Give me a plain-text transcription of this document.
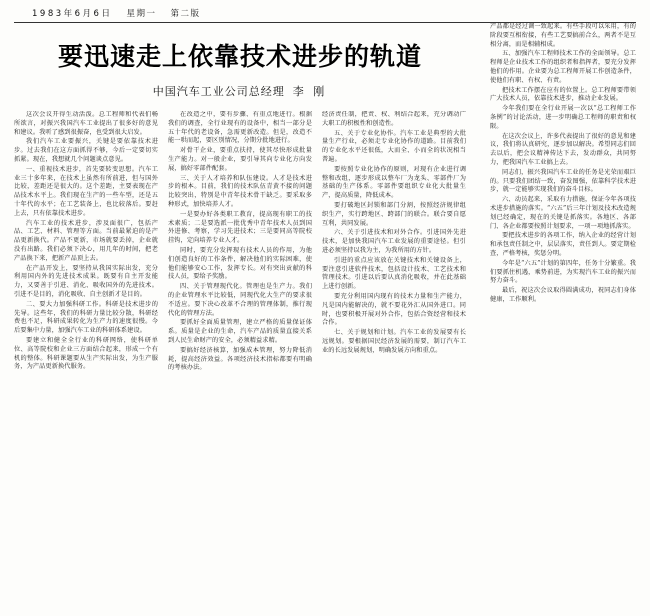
1983年6月6日 星期一 第二版
要迅速走上依靠技术进步的轨道
中国汽车工业公司总经理 李 刚

这次会议开得生动活泼。总工程师和代表们畅所欲言，对振兴我国汽车工业提出了很多好的意见和建议。我听了感到很振奋，也受到很大启发。

我们汽车工业要振兴，关键是要依靠技术进步。过去我们在这方面抓得不够，今后一定要切实抓紧。现在，我想就几个问题谈点意见。

一、重视技术进步，首先要转变思想。汽车工业三十多年来，在技术上虽然有所前进，但与国外比较，差距还是很大的。这个差距，主要表现在产品技术水平上。我们现在生产的一些车型，还是五十年代的水平；在工艺装备上，也比较落后。要赶上去，只有依靠技术进步。

汽车工业的技术进步，涉及面很广，包括产品、工艺、材料、管理等方面。当前最紧迫的是产品更新换代。产品不更新，市场就要丢掉，企业就没有出路。我们必须下决心，用几年的时间，把老产品换下来，把新产品顶上去。

在产品开发上，要坚持从我国实际出发，充分利用国内外的先进技术成果。既要有自主开发能力，又要善于引进、消化、吸收国外的先进技术。引进不是目的，消化吸收、自主创新才是目的。

二、要大力加强科研工作。科研是技术进步的先导。这些年，我们的科研力量比较分散，科研经费也不足，科研成果转化为生产力的速度很慢。今后要集中力量，加强汽车工业的科研体系建设。

要建立和健全全行业的科研网络，使科研单位、高等院校和企业三方面结合起来，形成一个有机的整体。科研课题要从生产实际出发，为生产服务，为产品更新换代服务。

在改造之中，要有步骤、有重点地进行。根据我们的调查，全行业现有的设备中，相当一部分是五十年代的老设备，急需更新改造。但是，改造不能一哄而起，要区别情况，分期分批地进行。

对骨干企业，要重点扶持，使其尽快形成批量生产能力。对一般企业，要引导其向专业化方向发展，搞好零部件配套。

三、关于人才培养和队伍建设。人才是技术进步的根本。目前，我们的技术队伍青黄不接的问题比较突出，特别是中青年技术骨干缺乏。要采取多种形式，加快培养人才。

一是要办好各类职工教育，提高现有职工的技术素质；二是要选派一批优秀中青年技术人员到国外进修、考察，学习先进技术；三是要同高等院校挂钩，定向培养专业人才。

同时，要充分发挥现有技术人员的作用，为他们创造良好的工作条件，解决他们的实际困难，使他们能够安心工作，发挥专长。对有突出贡献的科技人员，要给予奖励。

四、关于管理现代化。管理也是生产力。我们的企业管理水平比较低，同现代化大生产的要求很不适应。要下决心改革不合理的管理体制，推行现代化的管理方法。

要抓好全面质量管理，建立严格的质量保证体系。质量是企业的生命，汽车产品的质量直接关系到人民生命财产的安全，必须精益求精。

要搞好经济核算，加强成本管理，努力降低消耗，提高经济效益。各项经济技术指标都要有明确的考核办法。

经济责任制，把责、权、利结合起来，充分调动广大职工的积极性和创造性。

五、关于专业化协作。汽车工业是典型的大批量生产行业，必须走专业化协作的道路。目前我们的专业化水平还很低，大而全、小而全的状况相当普遍。

要按照专业化协作的原则，对现有企业进行调整和改组，逐步形成以整车厂为龙头、零部件厂为基础的生产体系。零部件要组织专业化大批量生产，提高质量，降低成本。

要打破地区封锁和部门分割，按照经济规律组织生产，实行跨地区、跨部门的联合。联合要自愿互利，共同发展。

六、关于引进技术和对外合作。引进国外先进技术，是加快我国汽车工业发展的重要途径。但引进必须坚持以我为主，为我所用的方针。

引进的重点应该放在关键技术和关键设备上，要注意引进软件技术，包括设计技术、工艺技术和管理技术。引进以后要认真消化吸收，并在此基础上进行创新。

要充分利用国内现有的技术力量和生产能力，凡是国内能解决的，就不要花外汇从国外进口。同时，也要积极开展对外合作，包括合资经营和技术合作。

七、关于规划和计划。汽车工业的发展要有长远规划。要根据国民经济发展的需要，制订汽车工业的长远发展规划，明确发展方向和重点。

产品都是经过调一致起来。有些手段可以采用，有的阶段要互相衔接，有些工艺要搞前合么，两者不是互相分离，而是相辅相成。

五、加强汽车工程师技术工作的全面领导。总工程师是企业技术工作的组织者和指挥者，要充分发挥他们的作用。企业要为总工程师开展工作创造条件，使他们有职、有权、有责。

把技术工作摆在应有的位置上。总工程师要带领广大技术人员，依靠技术进步，推动企业发展。

今年我们要在全行业开展一次以“总工程师工作条例”的讨论活动，进一步明确总工程师的职责和权限。

在这次会议上，许多代表提出了很好的意见和建议，我们将认真研究，逐步加以解决。希望同志们回去以后，把会议精神传达下去，发动群众，共同努力，把我国汽车工业搞上去。

同志们，振兴我国汽车工业的任务是光荣而艰巨的。只要我们团结一致，奋发图强，依靠科学技术进步，就一定能够实现我们的奋斗目标。

六、动员起来，采取有力措施，保证今年各项技术进步措施的落实。“六五”后三年计划及技术改造规划已经确定，现在的关键是抓落实。各地区、各部门、各企业都要按照计划要求，一项一项地抓落实。

要把技术进步的各项工作，纳入企业的经营计划和承包责任制之中，层层落实，责任到人。要定期检查，严格考核，奖惩分明。

今年是“六五”计划的第四年，任务十分繁重。我们要抓住机遇，乘势前进，为实现汽车工业的振兴而努力奋斗。

最后，祝这次会议取得圆满成功，祝同志们身体健康，工作顺利。
